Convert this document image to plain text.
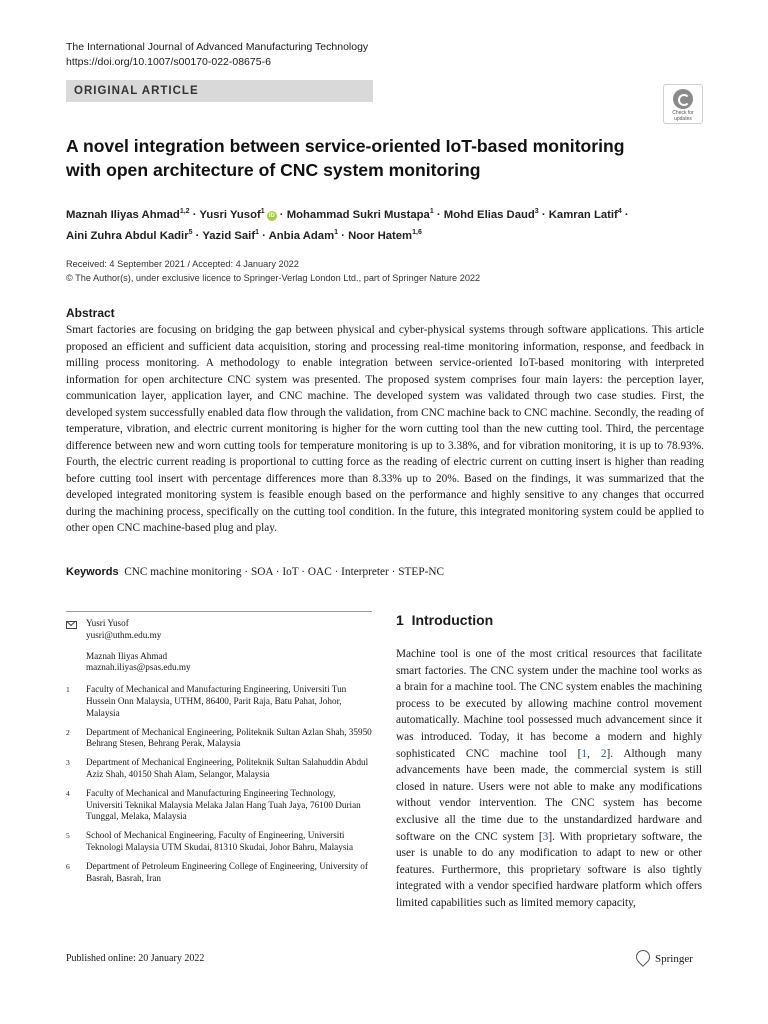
The International Journal of Advanced Manufacturing Technology
https://doi.org/10.1007/s00170-022-08675-6
ORIGINAL ARTICLE
Check for
updates
A novel integration between service-oriented IoT-based monitoring
with open architecture of CNC system monitoring
Maznah Iliyas Ahmad$^{1,2}$ · Yusri Yusof$^1$iD · Mohammad Sukri Mustapa$^1$ · Mohd Elias Daud$^3$ · Kamran Latif$^4$ ·
Aini Zuhra Abdul Kadir$^5$ · Yazid Saif$^1$ · Anbia Adam$^1$ · Noor Hatem$^{1,6}$
Received: 4 September 2021 / Accepted: 4 January 2022
© The Author(s), under exclusive licence to Springer-Verlag London Ltd., part of Springer Nature 2022
Abstract
Smart factories are focusing on bridging the gap between physical and cyber-physical systems through software applications. This article proposed an efficient and sufficient data acquisition, storing and processing real-time monitoring information, response, and feedback in milling process monitoring. A methodology to enable integration between service-oriented IoT-based monitoring with interpreted information for open architecture CNC system was presented. The proposed system comprises four main layers: the perception layer, communication layer, application layer, and CNC machine. The developed system was validated through two case studies. First, the developed system successfully enabled data flow through the validation, from CNC machine back to CNC machine. Secondly, the reading of temperature, vibration, and electric current monitoring is higher for the worn cutting tool than the new cutting tool. Third, the percentage difference between new and worn cutting tools for temperature monitoring is up to 3.38%, and for vibration monitoring, it is up to 78.93%. Fourth, the electric current reading is proportional to cutting force as the reading of electric current on cutting insert is higher than reading before cutting tool insert with percentage differences more than 8.33% up to 20%. Based on the findings, it was summarized that the developed integrated monitoring system is feasible enough based on the performance and highly sensitive to any changes that occurred during the machining process, specifically on the cutting tool condition. In the future, this integrated monitoring system could be applied to other open CNC machine-based plug and play.
Keywords CNC machine monitoring · SOA · IoT · OAC · Interpreter · STEP-NC
Yusri Yusof
yusri@uthm.edu.my
Maznah Iliyas Ahmad
maznah.iliyas@psas.edu.my
1	Faculty of Mechanical and Manufacturing Engineering, Universiti Tun Hussein Onn Malaysia, UTHM, 86400, Parit Raja, Batu Pahat, Johor, Malaysia
2	Department of Mechanical Engineering, Politeknik Sultan Azlan Shah, 35950 Behrang Stesen, Behrang Perak, Malaysia
3	Department of Mechanical Engineering, Politeknik Sultan Salahuddin Abdul Aziz Shah, 40150 Shah Alam, Selangor, Malaysia
4	Faculty of Mechanical and Manufacturing Engineering Technology, Universiti Teknikal Malaysia Melaka Jalan Hang Tuah Jaya, 76100 Durian Tunggal, Melaka, Malaysia
5	School of Mechanical Engineering, Faculty of Engineering, Universiti Teknologi Malaysia UTM Skudai, 81310 Skudai, Johor Bahru, Malaysia
6	Department of Petroleum Engineering College of Engineering, University of Basrah, Basrah, Iran
1 Introduction
Machine tool is one of the most critical resources that facilitate smart factories. The CNC system under the machine tool works as a brain for a machine tool. The CNC system enables the machining process to be executed by allowing machine control movement automatically. Machine tool possessed much advancement since it was introduced. Today, it has become a modern and highly sophisticated CNC machine tool [1, 2]. Although many advancements have been made, the commercial system is still closed in nature. Users were not able to make any modifications without vendor intervention. The CNC system has become exclusive all the time due to the unstandardized hardware and software on the CNC system [3]. With proprietary software, the user is unable to do any modification to adapt to new or other features. Furthermore, this proprietary software is also tightly integrated with a vendor specified hardware platform which offers limited capabilities such as limited memory capacity,
Published online: 20 January 2022	Springer
